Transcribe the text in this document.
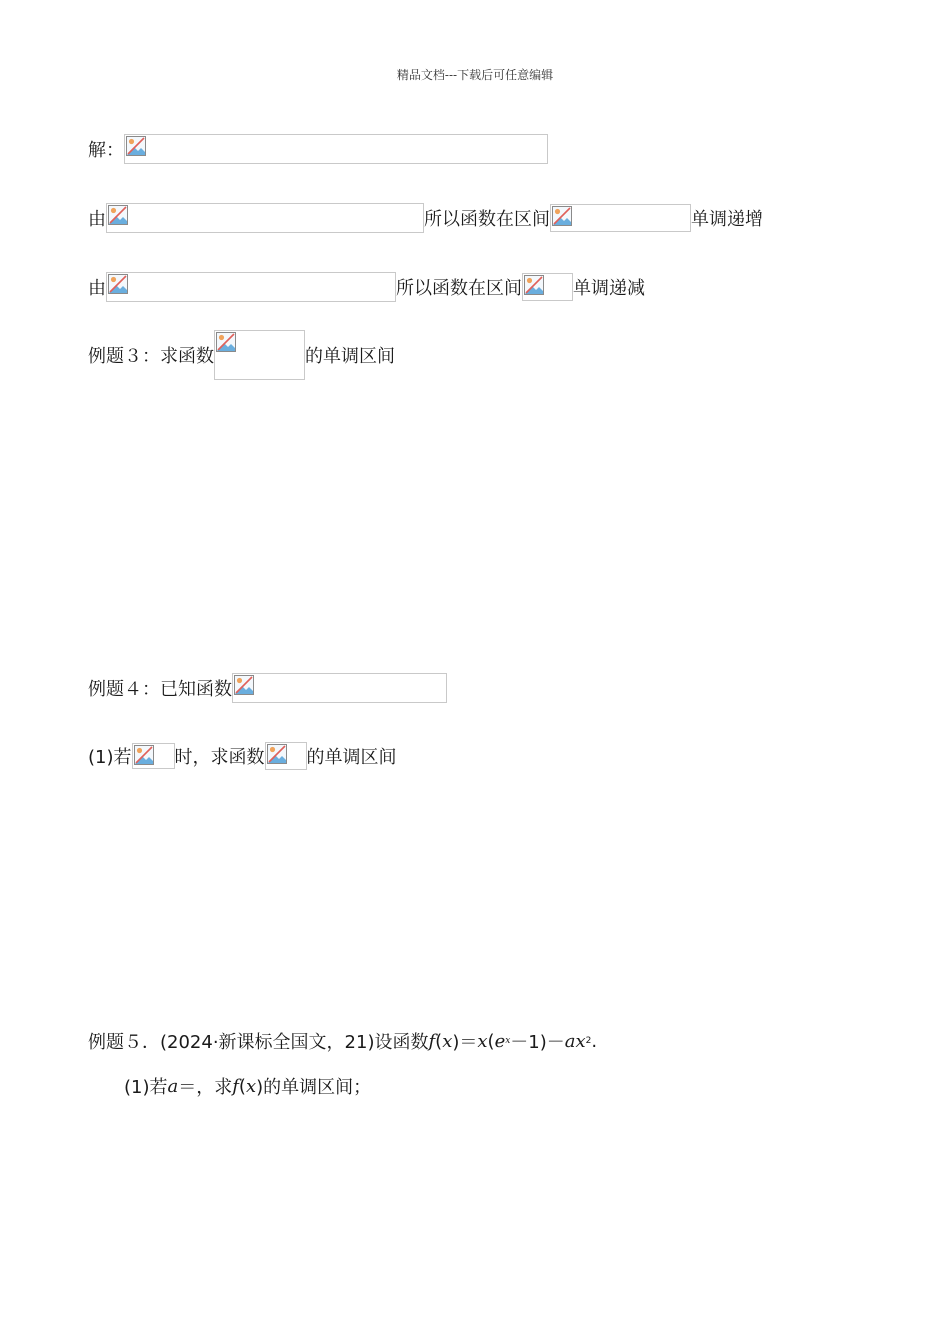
精品文档---下载后可任意编辑
解：
由	所以函数在区间	单调递增
由	所以函数在区间	单调递减
例题３：求函数	的单调区间
例题４：已知函数
(1)若 时，求函数 的单调区间
例题５．(2024·新课标全国文，21)设函数 f ( x )＝ x ( e x －1)－ a x 2 .
(1)若 a ＝，求 f ( x )的单调区间；
